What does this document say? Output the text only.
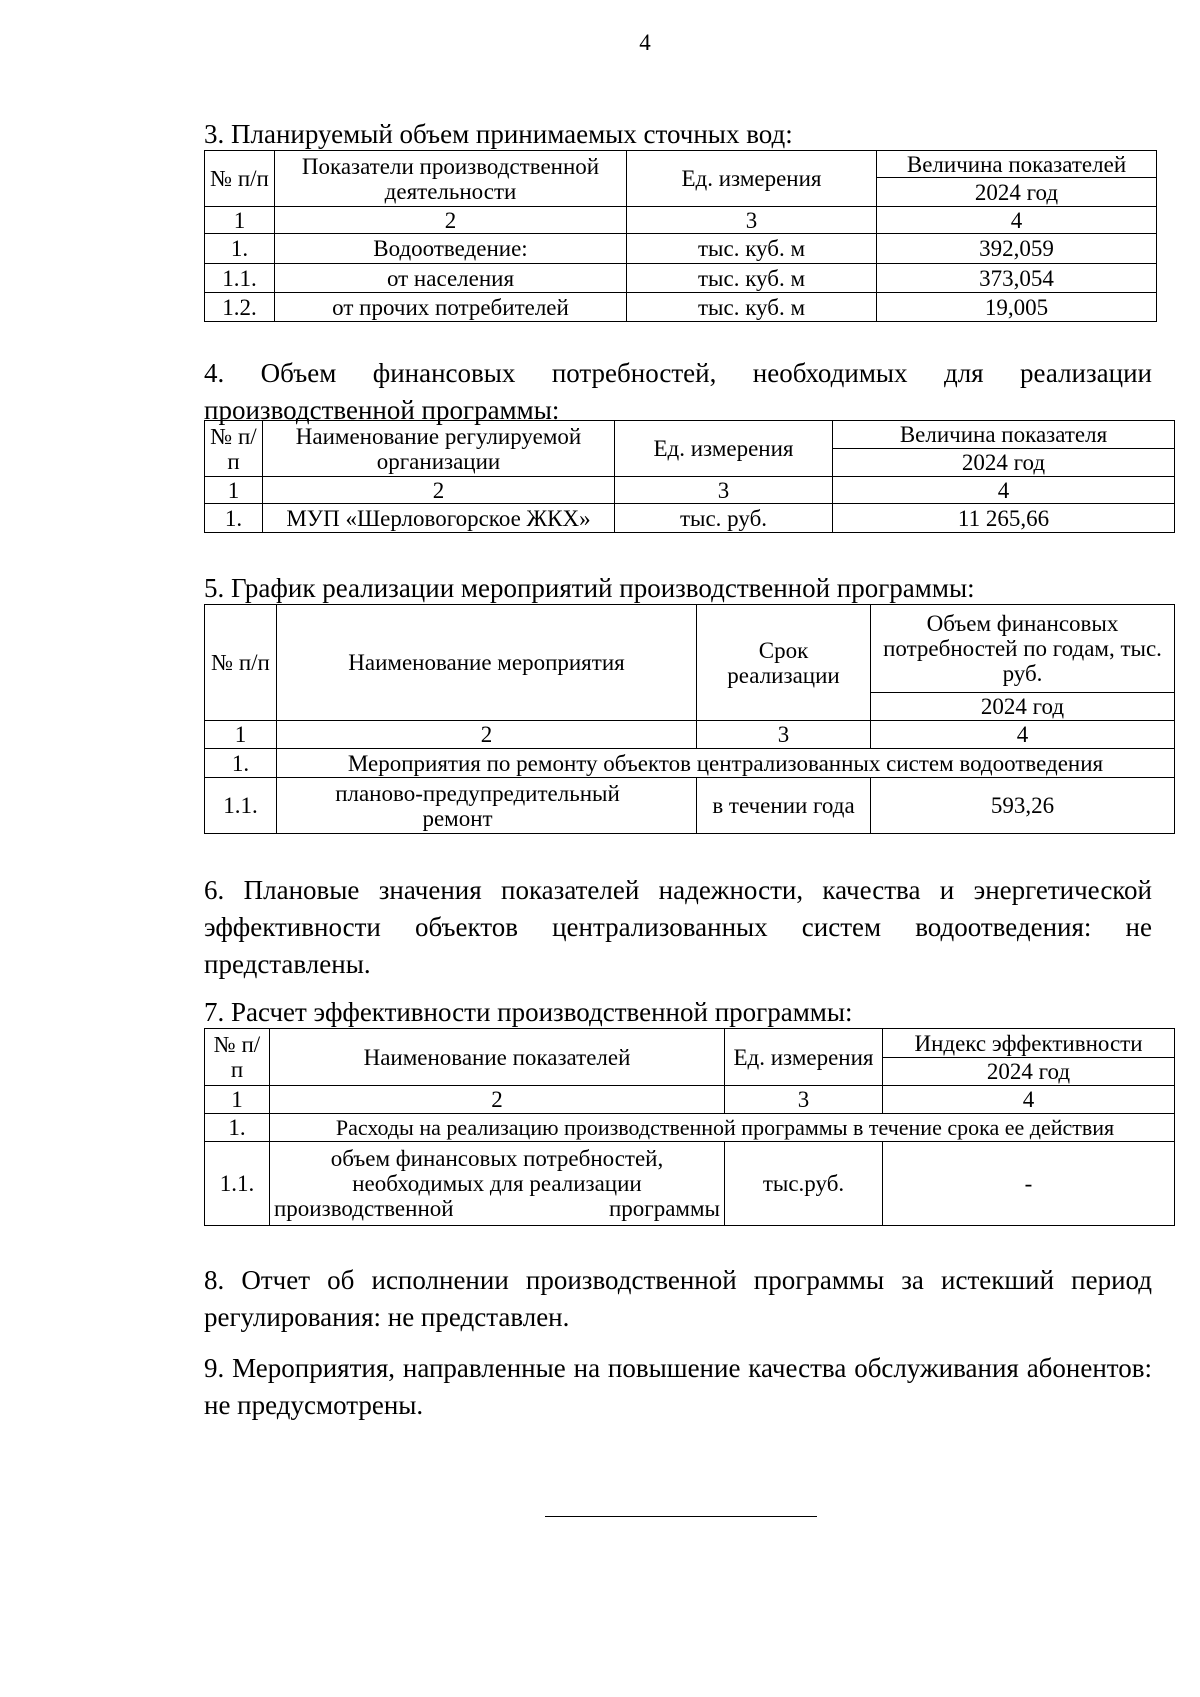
4

3. Планируемый объем принимаемых сточных вод:

№ п/п	Показатели производственной деятельности	Ед. измерения	Величина показателей
			2024 год
1	2	3	4
1.	Водоотведение:	тыс. куб. м	392,059
1.1.	от населения	тыс. куб. м	373,054
1.2.	от прочих потребителей	тыс. куб. м	19,005

4. Объем финансовых потребностей, необходимых для реализации производственной программы:

№ п/п	Наименование регулируемой организации	Ед. измерения	Величина показателя
			2024 год
1	2	3	4
1.	МУП «Шерловогорское ЖКХ»	тыс. руб.	11 265,66

5. График реализации мероприятий производственной программы:

№ п/п	Наименование мероприятия	Срок реализации	Объем финансовых потребностей по годам, тыс. руб.
			2024 год
1	2	3	4
1.	Мероприятия по ремонту объектов централизованных систем водоотведения		
1.1.	планово-предупредительный ремонт	в течении года	593,26

6. Плановые значения показателей надежности, качества и энергетической эффективности объектов централизованных систем водоотведения: не представлены.

7. Расчет эффективности производственной программы:

№ п/п	Наименование показателей	Ед. измерения	Индекс эффективности
			2024 год
1	2	3	4
1.	Расходы на реализацию производственной программы в течение срока ее действия		
1.1.	объем финансовых потребностей, необходимых для реализации производственной программы	тыс.руб.	-

8. Отчет об исполнении производственной программы за истекший период регулирования: не представлен.

9. Мероприятия, направленные на повышение качества обслуживания абонентов: не предусмотрены.
